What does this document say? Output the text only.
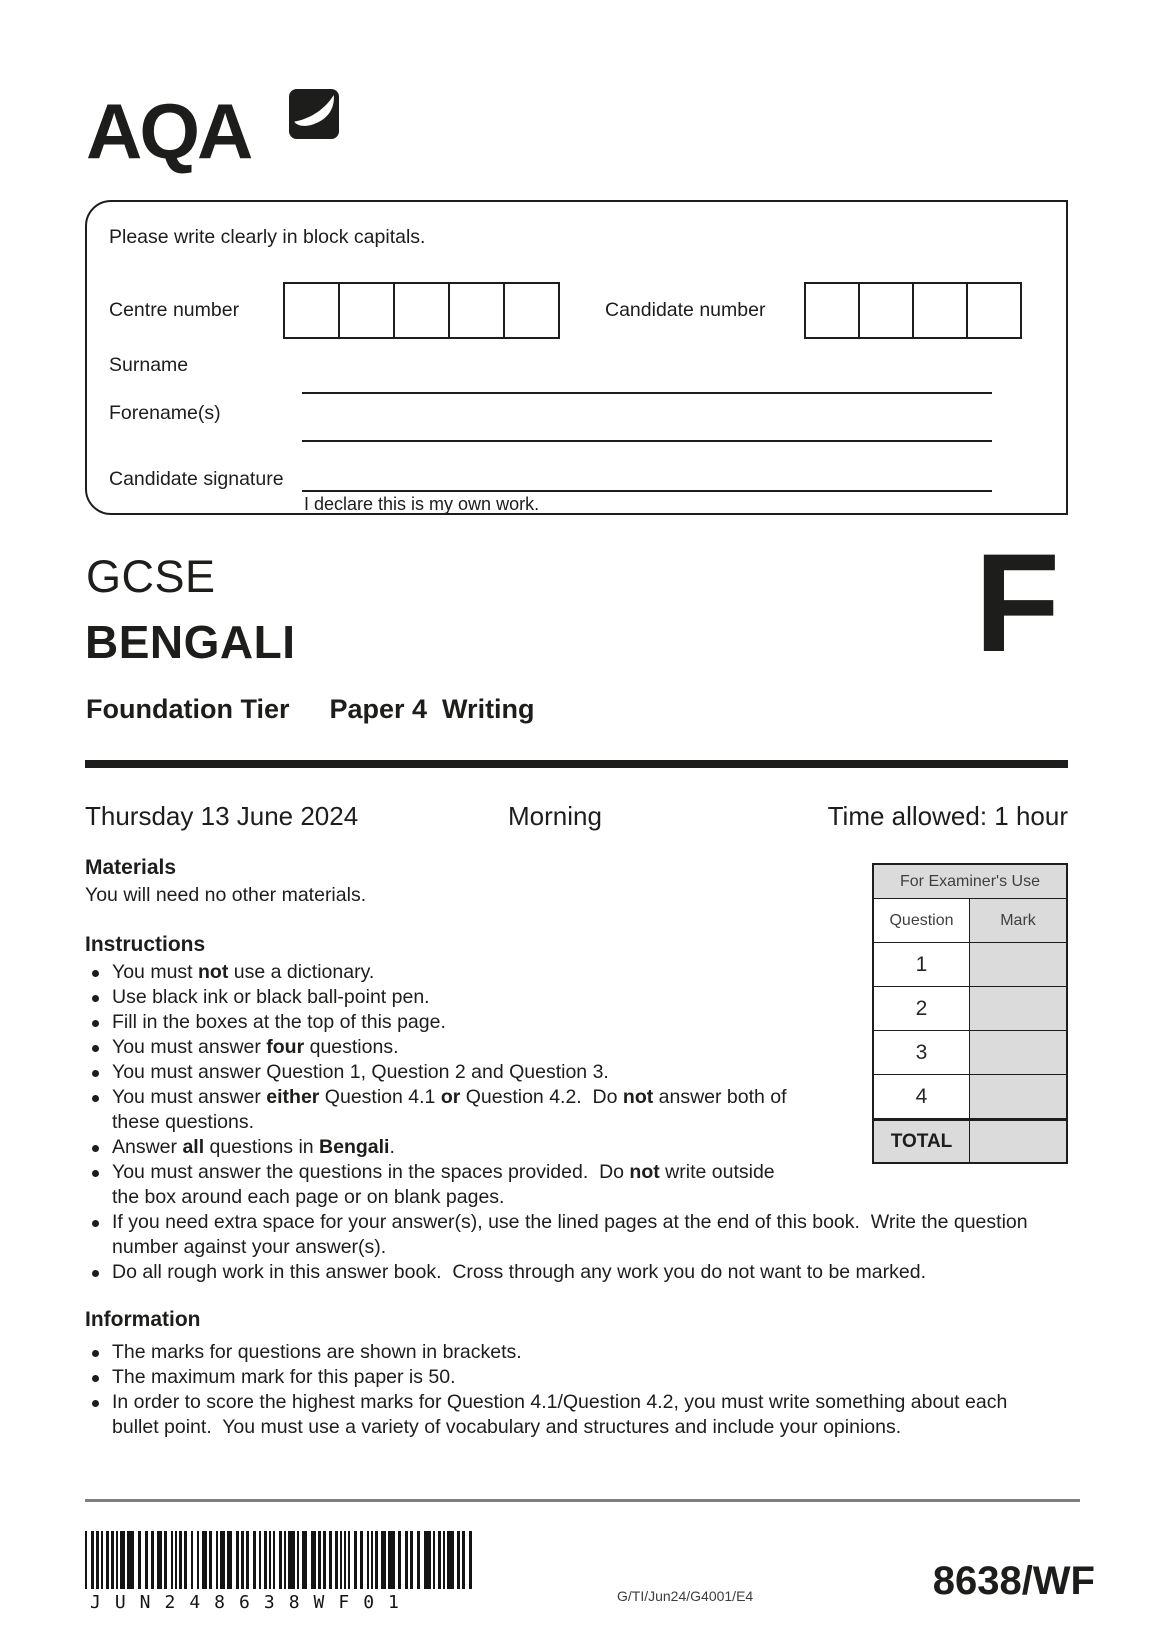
AQA
Please write clearly in block capitals.
Centre number	Candidate number
Surname
Forename(s)
Candidate signature
I declare this is my own work.
GCSE
BENGALI
Foundation Tier Paper 4  Writing
F
Thursday 13 June 2024	Morning	Time allowed: 1 hour
Materials
You will need no other materials.
Instructions
You must not use a dictionary.
Use black ink or black ball-point pen.
Fill in the boxes at the top of this page.
You must answer four questions.
You must answer Question 1, Question 2 and Question 3.
You must answer either Question 4.1 or Question 4.2.  Do not answer both of these questions.
Answer all questions in Bengali.
You must answer the questions in the spaces provided.  Do not write outside the box around each page or on blank pages.
If you need extra space for your answer(s), use the lined pages at the end of this book.  Write the question number against your answer(s).
Do all rough work in this answer book.  Cross through any work you do not want to be marked.
Information
The marks for questions are shown in brackets.
The maximum mark for this paper is 50.
In order to score the highest marks for Question 4.1/Question 4.2, you must write something about each bullet point.  You must use a variety of vocabulary and structures and include your opinions.
For Examiner's Use
Question	Mark
1
2
3
4
TOTAL
JUN248638WF01	G/TI/Jun24/G4001/E4	8638/WF
